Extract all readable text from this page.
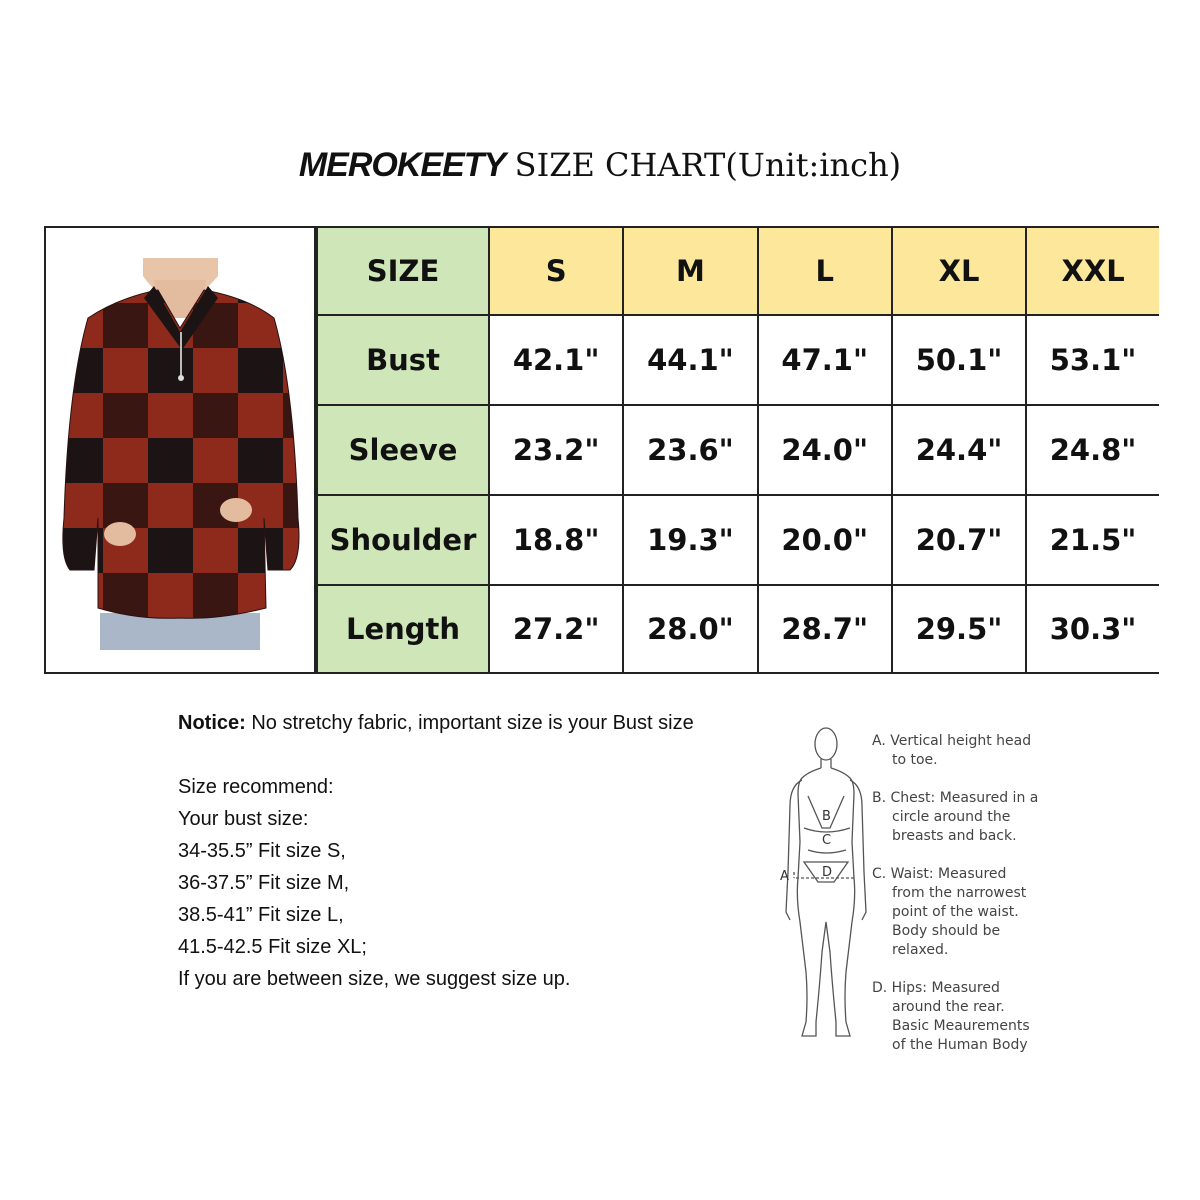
MEROKEETY SIZE CHART(Unit:inch)
SIZE	S	M	L	XL	XXL
Bust	42.1"	44.1"	47.1"	50.1"	53.1"
Sleeve	23.2"	23.6"	24.0"	24.4"	24.8"
Shoulder	18.8"	19.3"	20.0"	20.7"	21.5"
Length	27.2"	28.0"	28.7"	29.5"	30.3"
Notice: No stretchy fabric, important size is your Bust size
Size recommend:
Your bust size:
34-35.5” Fit size S,
36-37.5” Fit size M,
38.5-41” Fit size L,
41.5-42.5 Fit size XL;
If you are between size, we suggest size up.
A
B
C
D
A. Vertical height head
to toe.
B. Chest: Measured in a
circle around the
breasts and back.
C. Waist: Measured
from the narrowest
point of the waist.
Body should be
relaxed.
D. Hips: Measured
around the rear.
Basic Meaurements
of the Human Body
